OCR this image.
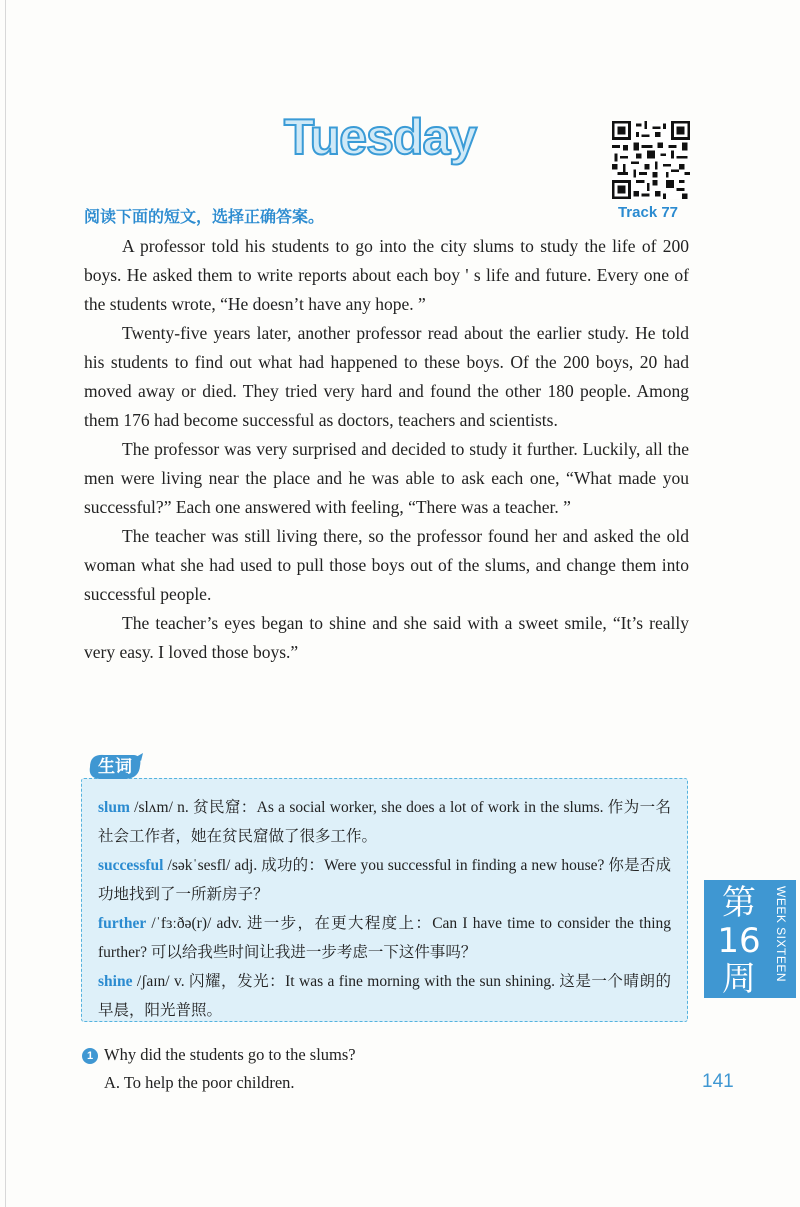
Tuesday
Track 77
阅读下面的短文，选择正确答案。

A professor told his students to go into the city slums to study the life of 200 boys. He asked them to write reports about each boy ' s life and future. Every one of the students wrote, “He doesn’t have any hope. ”

Twenty-five years later, another professor read about the earlier study. He told his students to find out what had happened to these boys. Of the 200 boys, 20 had moved away or died. They tried very hard and found the other 180 people. Among them 176 had become successful as doctors, teachers and scientists.

The professor was very surprised and decided to study it further. Luckily, all the men were living near the place and he was able to ask each one, “What made you successful?” Each one answered with feeling, “There was a teacher. ”

The teacher was still living there, so the professor found her and asked the old woman what she had used to pull those boys out of the slums, and change them into successful people.

The teacher’s eyes began to shine and she said with a sweet smile, “It’s really very easy. I loved those boys.”

slum /slʌm/ n. 贫民窟：As a social worker, she does a lot of work in the slums. 作为一名社会工作者，她在贫民窟做了很多工作。

successful /səkˈsesfl/ adj. 成功的：Were you successful in finding a new house? 你是否成功地找到了一所新房子？

further /ˈfɜːðə(r)/ adv. 进一步，在更大程度上：Can I have time to consider the thing further? 可以给我些时间让我进一步考虑一下这件事吗？

shine /ʃaɪn/ v. 闪耀，发光：It was a fine morning with the sun shining. 这是一个晴朗的早晨，阳光普照。

生词
第16周	WEEK SIXTEEN
1 Why did the students go to the slums?
A. To help the poor children.	141
